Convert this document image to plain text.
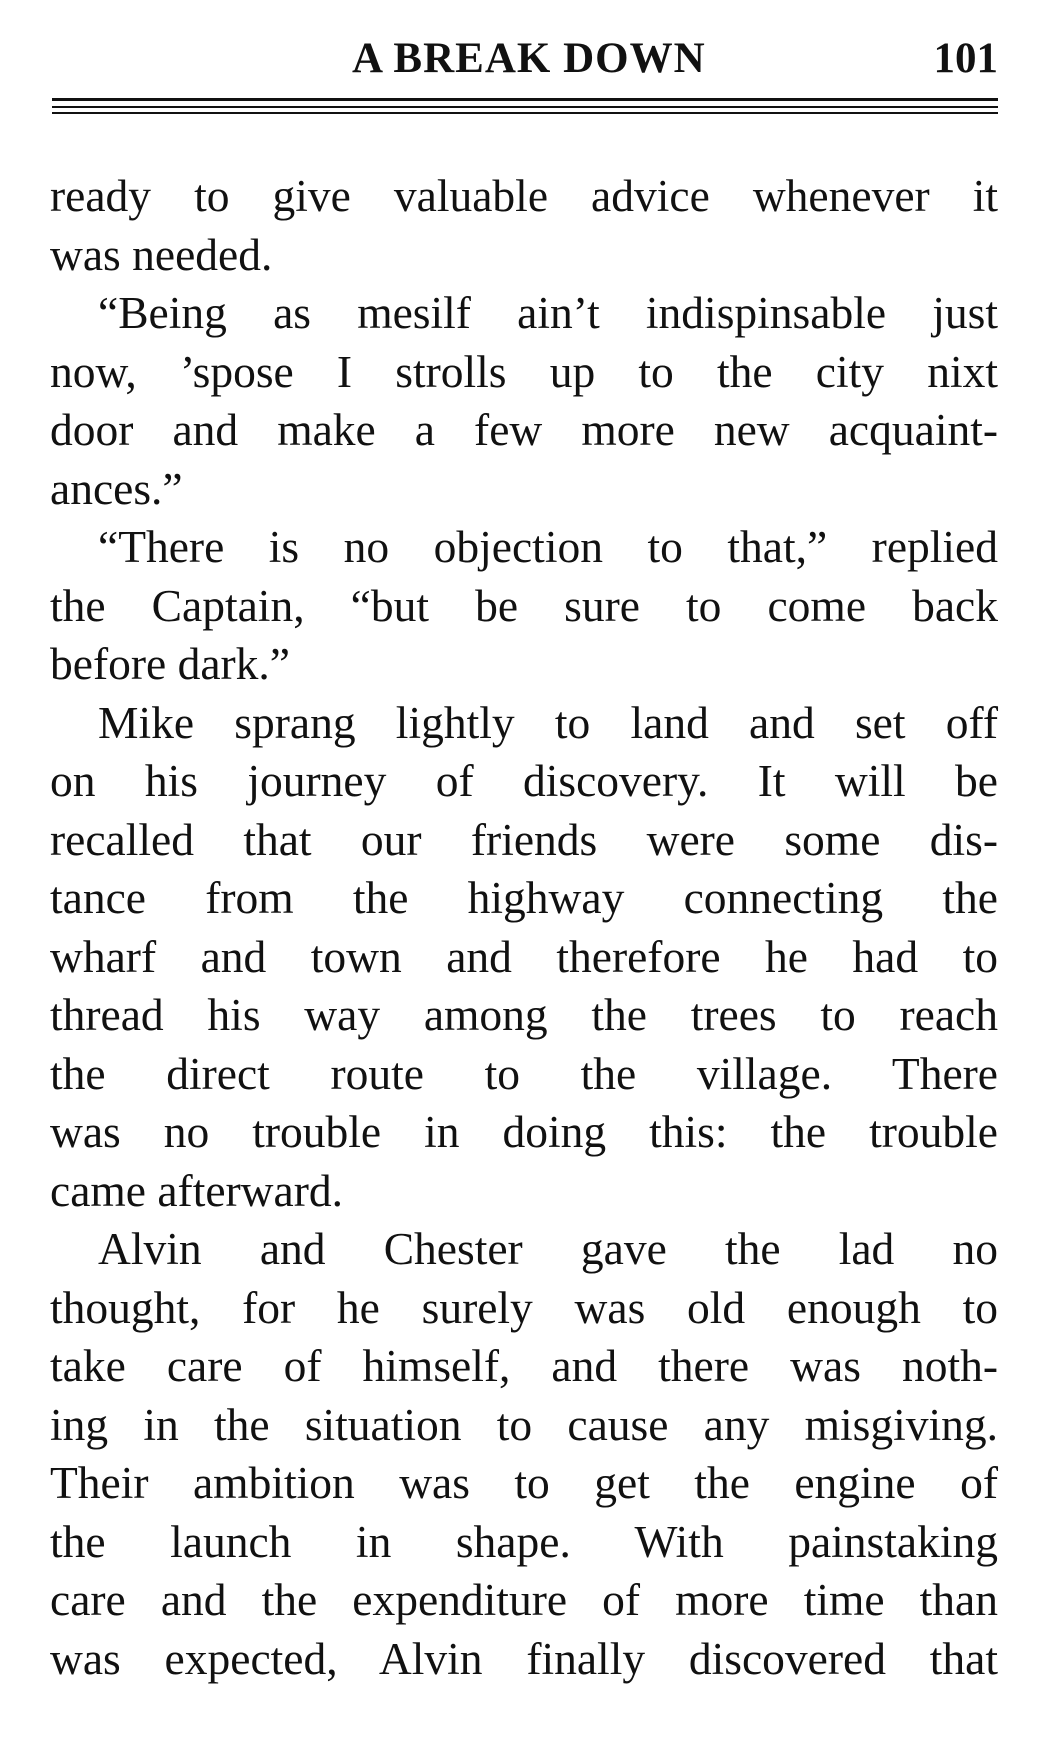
A BREAK DOWN	101

ready to give valuable advice whenever it

was needed.

“Being as mesilf ain’t indispinsable just

now, ’spose I strolls up to the city nixt

door and make a few more new acquaint-

ances.”

“There is no objection to that,” replied

the Captain, “but be sure to come back

before dark.”

Mike sprang lightly to land and set off

on his journey of discovery. It will be

recalled that our friends were some dis-

tance from the highway connecting the

wharf and town and therefore he had to

thread his way among the trees to reach

the direct route to the village. There

was no trouble in doing this: the trouble

came afterward.

Alvin and Chester gave the lad no

thought, for he surely was old enough to

take care of himself, and there was noth-

ing in the situation to cause any misgiving.

Their ambition was to get the engine of

the launch in shape. With painstaking

care and the expenditure of more time than

was expected, Alvin finally discovered that
